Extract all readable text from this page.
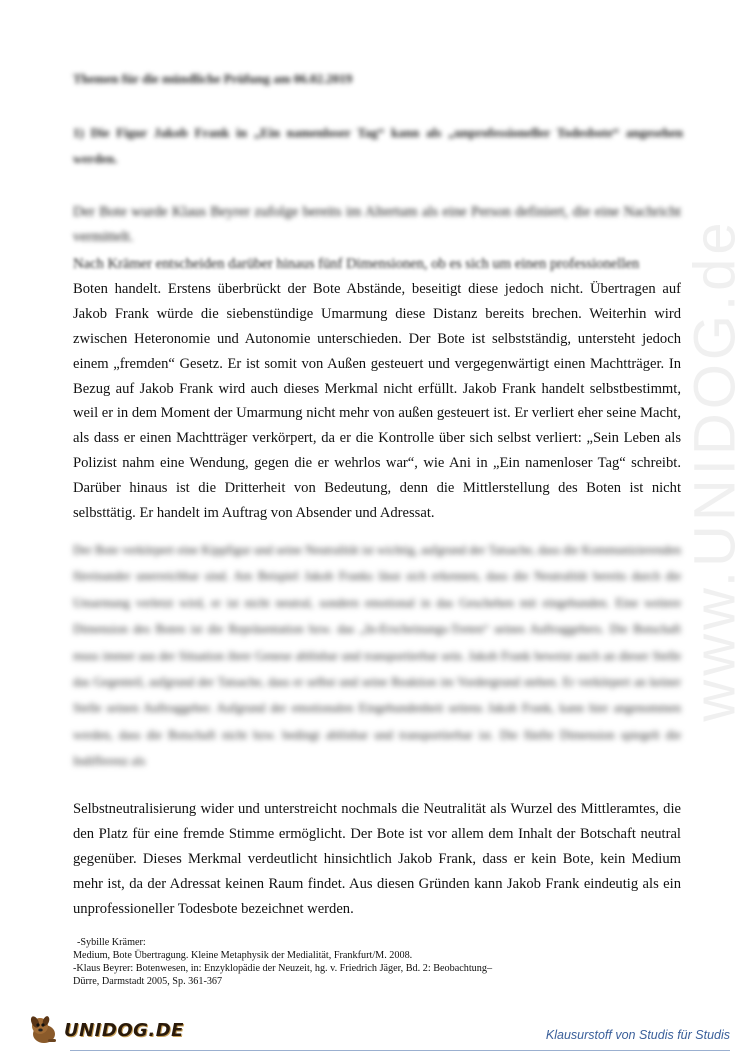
www.UNIDOG.de
Themen für die mündliche Prüfung am 06.02.2019
1) Die Figur Jakob Frank in „Ein namenloser Tag“ kann als „unprofessioneller Todesbote“ angesehen werden.
Der Bote wurde Klaus Beyrer zufolge bereits im Altertum als eine Person definiert, die eine Nachricht vermittelt.
Nach Krämer entscheiden darüber hinaus fünf Dimensionen, ob es sich um einen professionellen
Boten handelt. Erstens überbrückt der Bote Abstände, beseitigt diese jedoch nicht. Übertragen auf Jakob Frank würde die siebenstündige Umarmung diese Distanz bereits brechen. Weiterhin wird zwischen Heteronomie und Autonomie unterschieden. Der Bote ist selbstständig, untersteht jedoch einem „fremden“ Gesetz. Er ist somit von Außen gesteuert und vergegenwärtigt einen Machtträger. In Bezug auf Jakob Frank wird auch dieses Merkmal nicht erfüllt. Jakob Frank handelt selbstbestimmt, weil er in dem Moment der Umarmung nicht mehr von außen gesteuert ist. Er verliert eher seine Macht, als dass er einen Machtträger verkörpert, da er die Kontrolle über sich selbst verliert: „Sein Leben als Polizist nahm eine Wendung, gegen die er wehrlos war“, wie Ani in „Ein namenloser Tag“ schreibt. Darüber hinaus ist die Dritterheit von Bedeutung, denn die Mittlerstellung des Boten ist nicht selbsttätig. Er handelt im Auftrag von Absender und Adressat.
Der Bote verkörpert eine Kippfigur und seine Neutralität ist wichtig, aufgrund der Tatsache, dass die Kommunizierenden füreinander unerreichbar sind. Am Beispiel Jakob Franks lässt sich erkennen, dass die Neutralität bereits durch die Umarmung verletzt wird, er ist nicht neutral, sondern emotional in das Geschehen mit eingebunden. Eine weitere Dimension des Boten ist die Repräsentation bzw. das „In-Erscheinungs-Treten“ seines Auftraggebers. Die Botschaft muss immer aus der Situation ihrer Genese ablösbar und transportierbar sein. Jakob Frank beweist auch an dieser Stelle das Gegenteil, aufgrund der Tatsache, dass er selbst und seine Reaktion im Vordergrund stehen. Er verkörpert an keiner Stelle seinen Auftraggeber. Aufgrund der emotionalen Eingebundenheit seitens Jakob Frank, kann hier angenommen werden, dass die Botschaft nicht bzw. bedingt ablösbar und transportierbar ist. Die fünfte Dimension spiegelt die Indifferenz als
Selbstneutralisierung wider und unterstreicht nochmals die Neutralität als Wurzel des Mittleramtes, die den Platz für eine fremde Stimme ermöglicht. Der Bote ist vor allem dem Inhalt der Botschaft neutral gegenüber. Dieses Merkmal verdeutlicht hinsichtlich Jakob Frank, dass er kein Bote, kein Medium mehr ist, da der Adressat keinen Raum findet. Aus diesen Gründen kann Jakob Frank eindeutig als ein unprofessioneller Todesbote bezeichnet werden.
-Sybille Krämer:
Medium, Bote Übertragung. Kleine Metaphysik der Medialität, Frankfurt/M. 2008.
-Klaus Beyrer: Botenwesen, in: Enzyklopädie der Neuzeit, hg. v. Friedrich Jäger, Bd. 2: Beobachtung–
Dürre, Darmstadt 2005, Sp. 361-367
UNIDOG.DE	Klausurstoff von Studis für Studis
